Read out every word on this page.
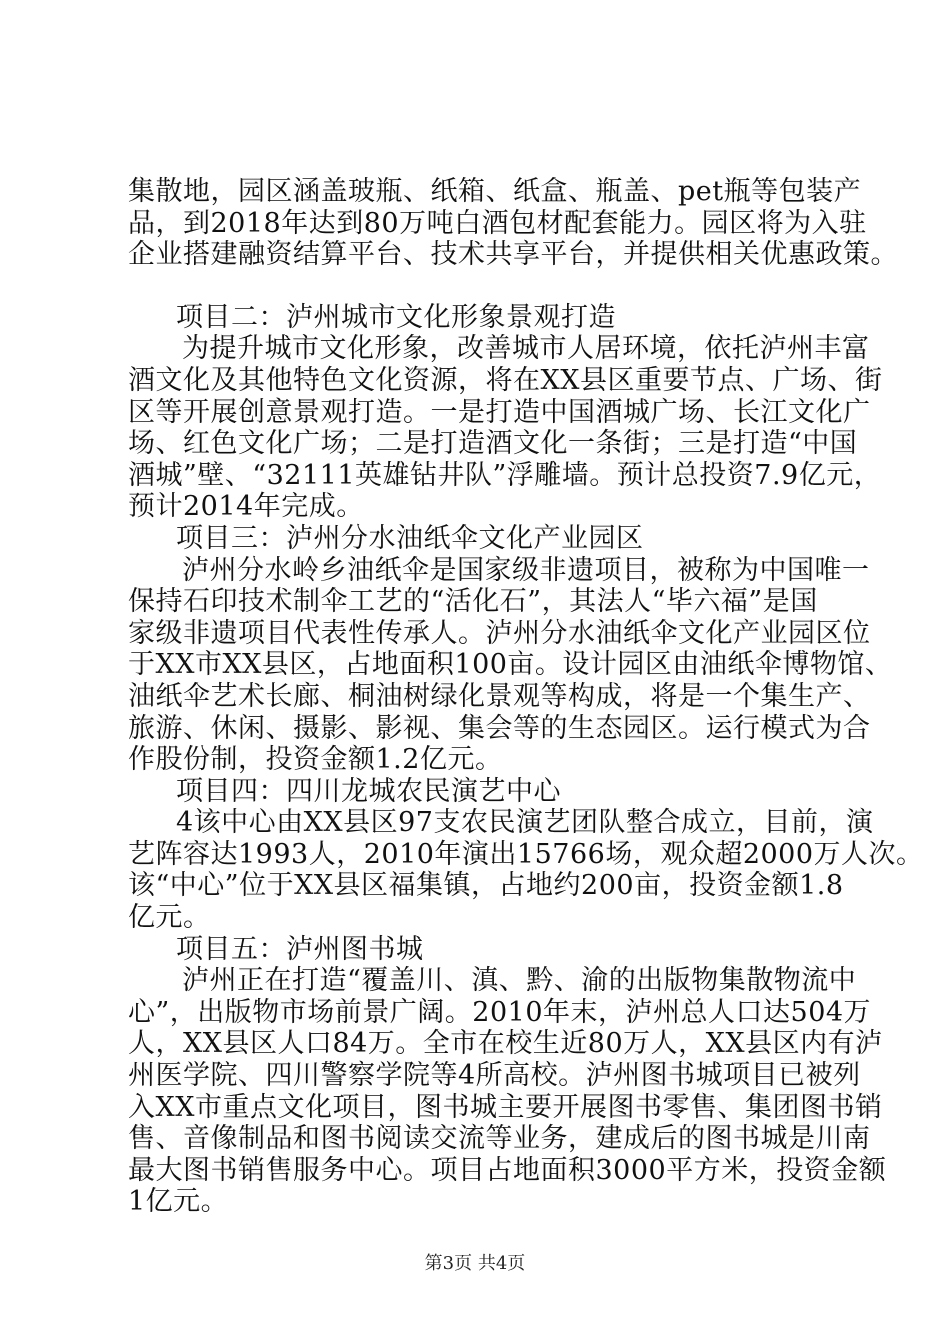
集散地，园区涵盖玻瓶、纸箱、纸盒、瓶盖、pet瓶等包装产
品，到2018年达到80万吨白酒包材配套能力。园区将为入驻
企业搭建融资结算平台、技术共享平台，并提供相关优惠政策。
项目二：泸州城市文化形象景观打造
为提升城市文化形象，改善城市人居环境，依托泸州丰富
酒文化及其他特色文化资源，将在XX县区重要节点、广场、街
区等开展创意景观打造。一是打造中国酒城广场、长江文化广
场、红色文化广场；二是打造酒文化一条街；三是打造“中国
酒城”壁、“32111英雄钻井队”浮雕墙。预计总投资7.9亿元，
预计2014年完成。
项目三：泸州分水油纸伞文化产业园区
泸州分水岭乡油纸伞是国家级非遗项目，被称为中国唯一
保持石印技术制伞工艺的“活化石”，其法人“毕六福”是国
家级非遗项目代表性传承人。泸州分水油纸伞文化产业园区位
于XX市XX县区，占地面积100亩。设计园区由油纸伞博物馆、
油纸伞艺术长廊、桐油树绿化景观等构成，将是一个集生产、
旅游、休闲、摄影、影视、集会等的生态园区。运行模式为合
作股份制，投资金额1.2亿元。
项目四：四川龙城农民演艺中心
4该中心由XX县区97支农民演艺团队整合成立，目前，演
艺阵容达1993人，2010年演出15766场，观众超2000万人次。
该“中心”位于XX县区福集镇，占地约200亩，投资金额1.8
亿元。
项目五：泸州图书城
泸州正在打造“覆盖川、滇、黔、渝的出版物集散物流中
心”，出版物市场前景广阔。2010年末，泸州总人口达504万
人，XX县区人口84万。全市在校生近80万人，XX县区内有泸
州医学院、四川警察学院等4所高校。泸州图书城项目已被列
入XX市重点文化项目，图书城主要开展图书零售、集团图书销
售、音像制品和图书阅读交流等业务，建成后的图书城是川南
最大图书销售服务中心。项目占地面积3000平方米，投资金额
1亿元。
第3页 共4页
